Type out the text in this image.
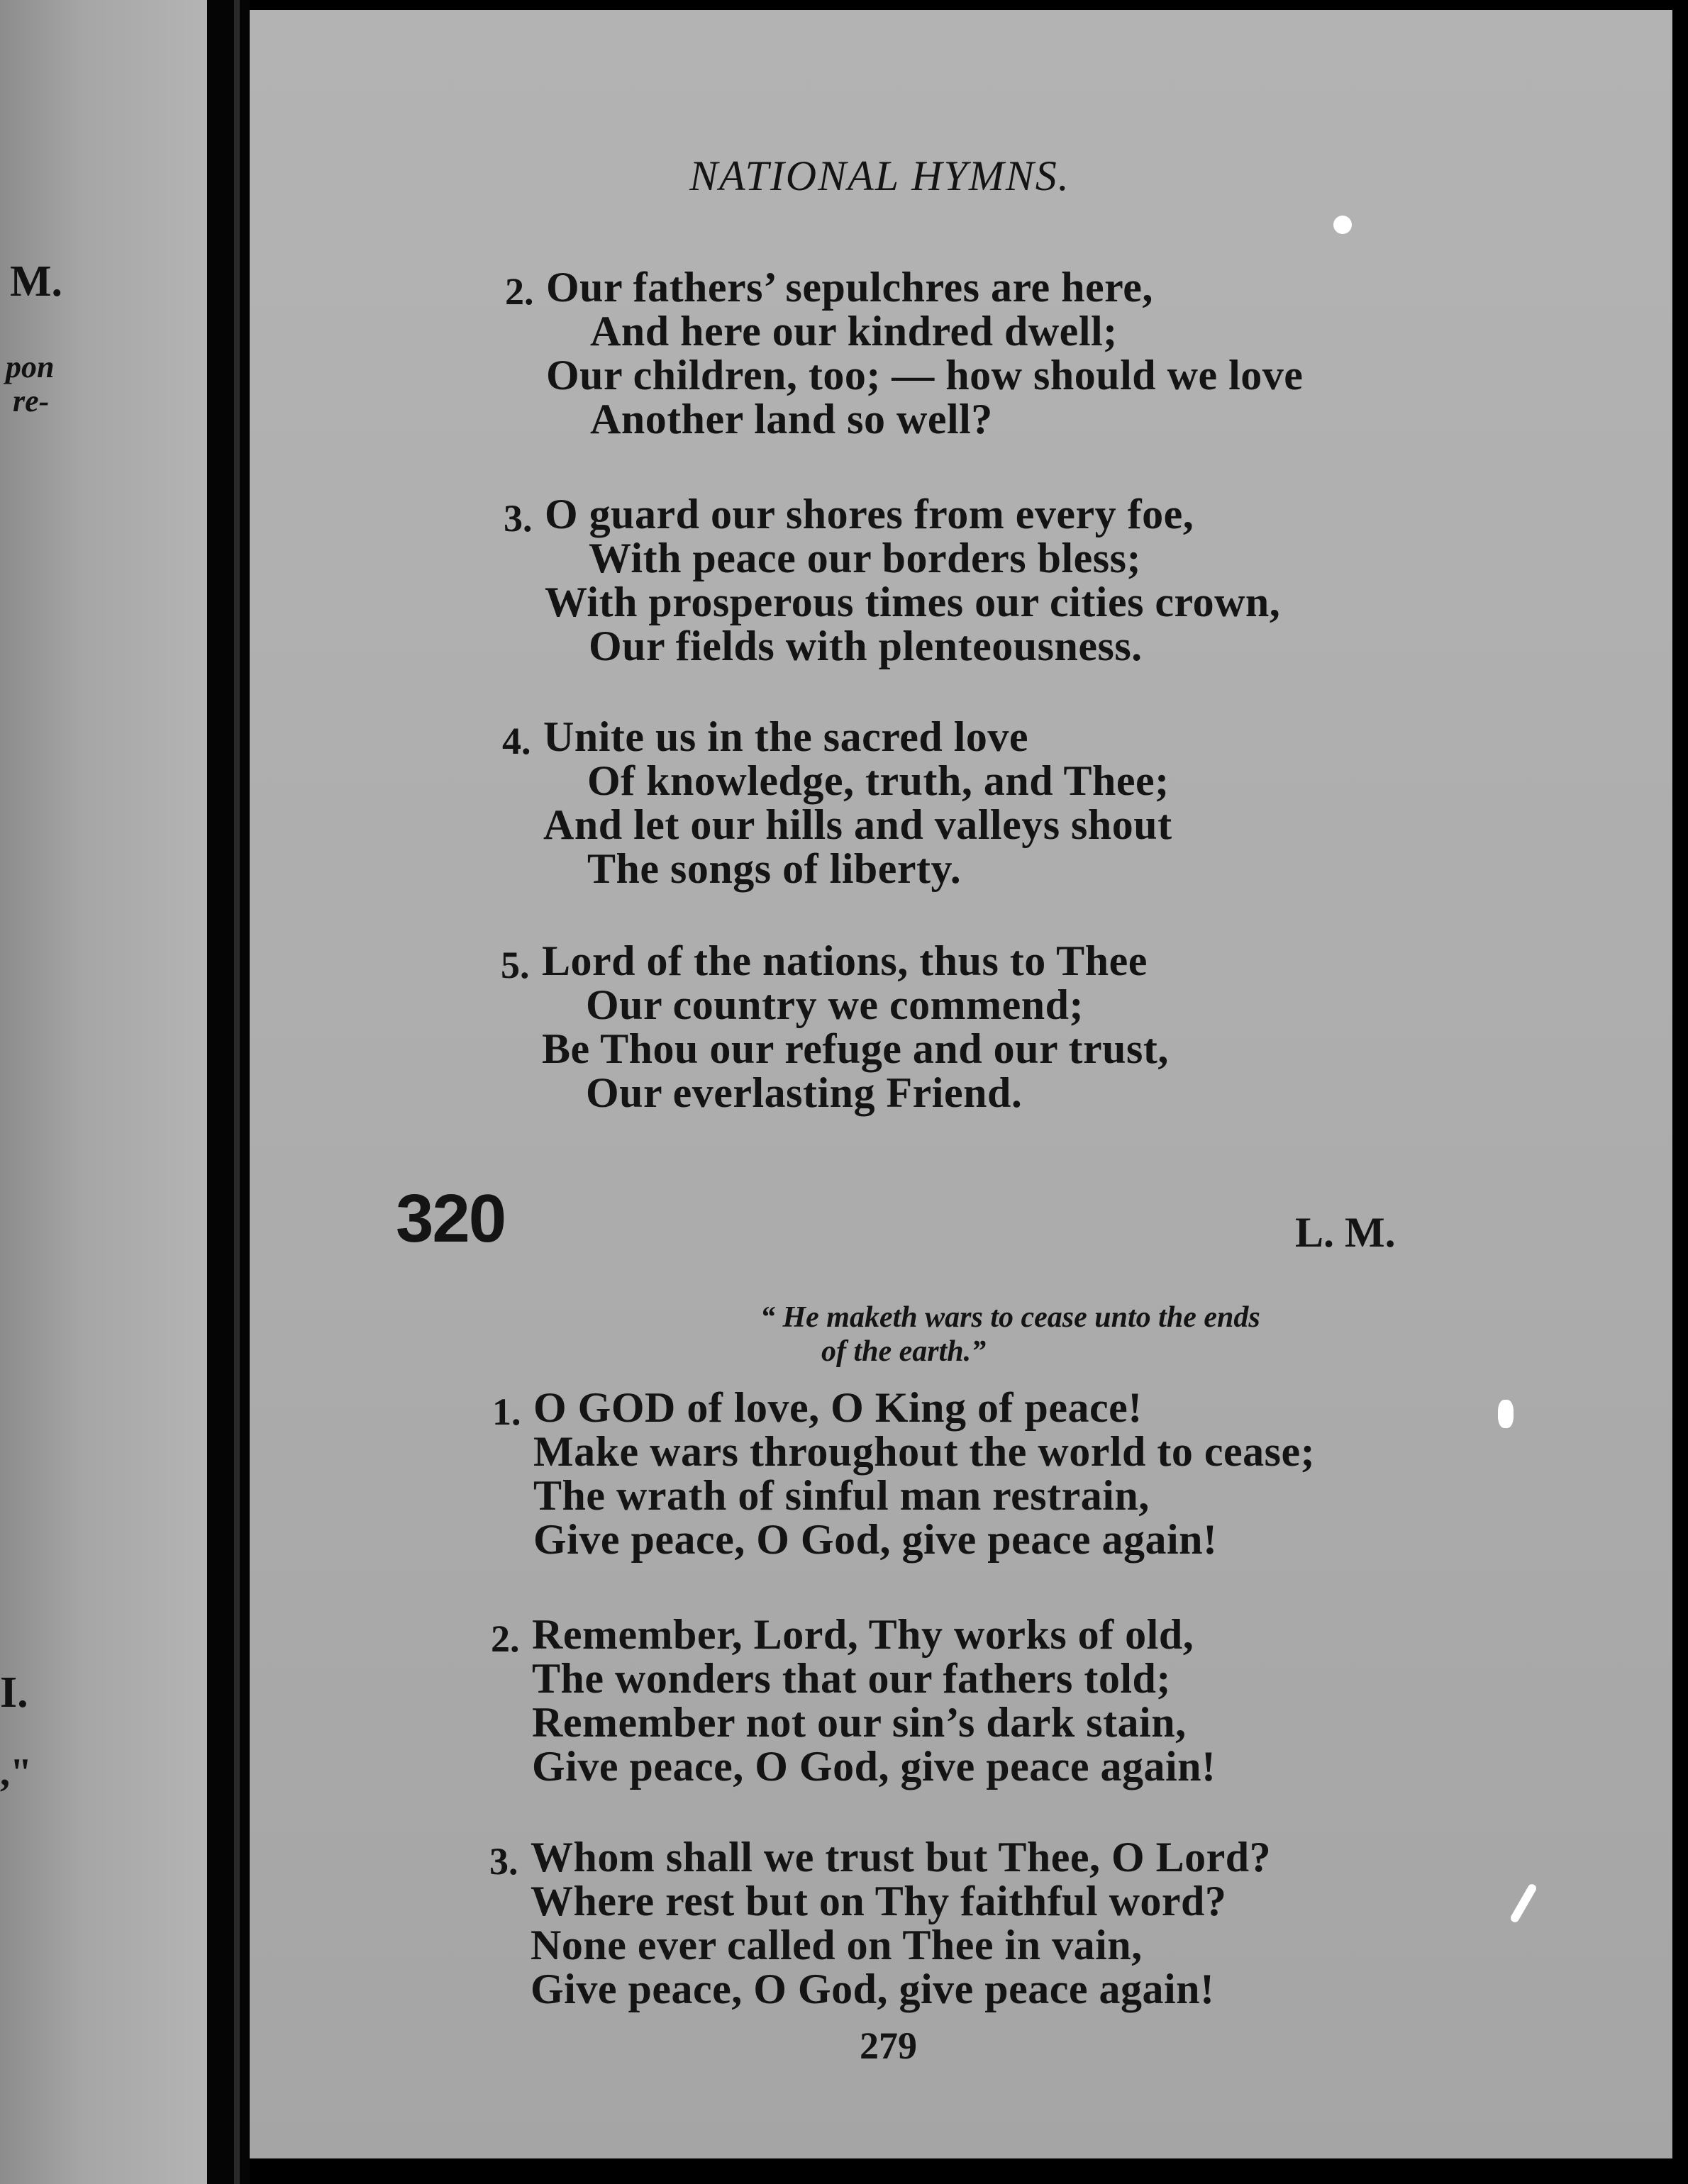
M.
pon
re-
I.
,"

NATIONAL HYMNS.
2. Our fathers’ sepulchres are here,
And here our kindred dwell;
Our children, too; — how should we love
Another land so well?
3. O guard our shores from every foe,
With peace our borders bless;
With prosperous times our cities crown,
Our fields with plenteousness.
4. Unite us in the sacred love
Of knowledge, truth, and Thee;
And let our hills and valleys shout
The songs of liberty.
5. Lord of the nations, thus to Thee
Our country we commend;
Be Thou our refuge and our trust,
Our everlasting Friend.
320	L. M.
“ He maketh wars to cease unto the ends
of the earth.”
1. O GOD of love, O King of peace!
Make wars throughout the world to cease;
The wrath of sinful man restrain,
Give peace, O God, give peace again!
2. Remember, Lord, Thy works of old,
The wonders that our fathers told;
Remember not our sin’s dark stain,
Give peace, O God, give peace again!
3. Whom shall we trust but Thee, O Lord?
Where rest but on Thy faithful word?
None ever called on Thee in vain,
Give peace, O God, give peace again!
279
